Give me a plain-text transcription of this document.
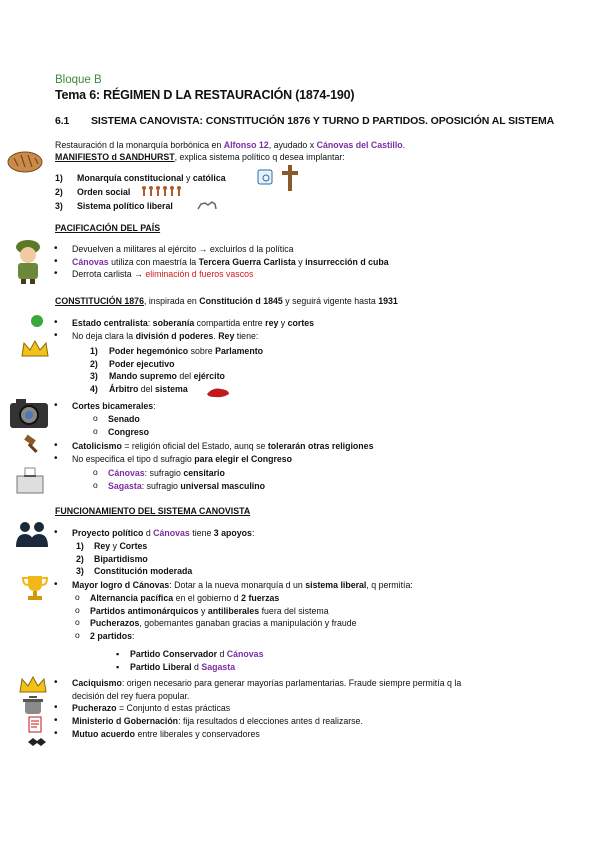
Bloque B
Tema 6: RÉGIMEN D LA RESTAURACIÓN (1874-190)
6.1 SISTEMA CANOVISTA: CONSTITUCIÓN 1876 Y TURNO D PARTIDOS. OPOSICIÓN AL SISTEMA
Restauración d la monarquía borbónica en Alfonso 12, ayudado x Cánovas del Castillo.
MANIFIESTO d SANDHURST, explica sistema político q desea implantar:
1) Monarquía constitucional y católica
2) Orden social
3) Sistema político liberal
PACIFICACIÓN DEL PAÍS
• Devuelven a militares al ejército → excluirlos d la política
• Cánovas utiliza con maestría la Tercera Guerra Carlista y insurrección d cuba
• Derrota carlista → eliminación d fueros vascos
CONSTITUCIÓN 1876, inspirada en Constitución d 1845 y seguirá vigente hasta 1931
• Estado centralista: soberanía compartida entre rey y cortes
• No deja clara la división d poderes. Rey tiene:
1) Poder hegemónico sobre Parlamento
2) Poder ejecutivo
3) Mando supremo del ejército
4) Árbitro del sistema
• Cortes bicamerales:
o Senado
o Congreso
• Catolicismo = religión oficial del Estado, aunq se tolerarán otras religiones
• No especifica el tipo d sufragio para elegir el Congreso
o Cánovas: sufragio censitario
o Sagasta: sufragio universal masculino
FUNCIONAMIENTO DEL SISTEMA CANOVISTA
• Proyecto político d Cánovas tiene 3 apoyos:
1) Rey y Cortes
2) Bipartidismo
3) Constitución moderada
• Mayor logro d Cánovas: Dotar a la nueva monarquía d un sistema liberal, q permitía:
o Alternancia pacífica en el gobierno d 2 fuerzas
o Partidos antimonárquicos y antiliberales fuera del sistema
o Pucherazos, gobernantes ganaban gracias a manipulación y fraude
o 2 partidos:
▪ Partido Conservador d Cánovas
▪ Partido Liberal d Sagasta
• Caciquismo: origen necesario para generar mayorías parlamentarias. Fraude siempre permitía q la
decisión del rey fuera popular.
• Pucherazo = Conjunto d estas prácticas
• Ministerio d Gobernación: fija resultados d elecciones antes d realizarse.
• Mutuo acuerdo entre liberales y conservadores
